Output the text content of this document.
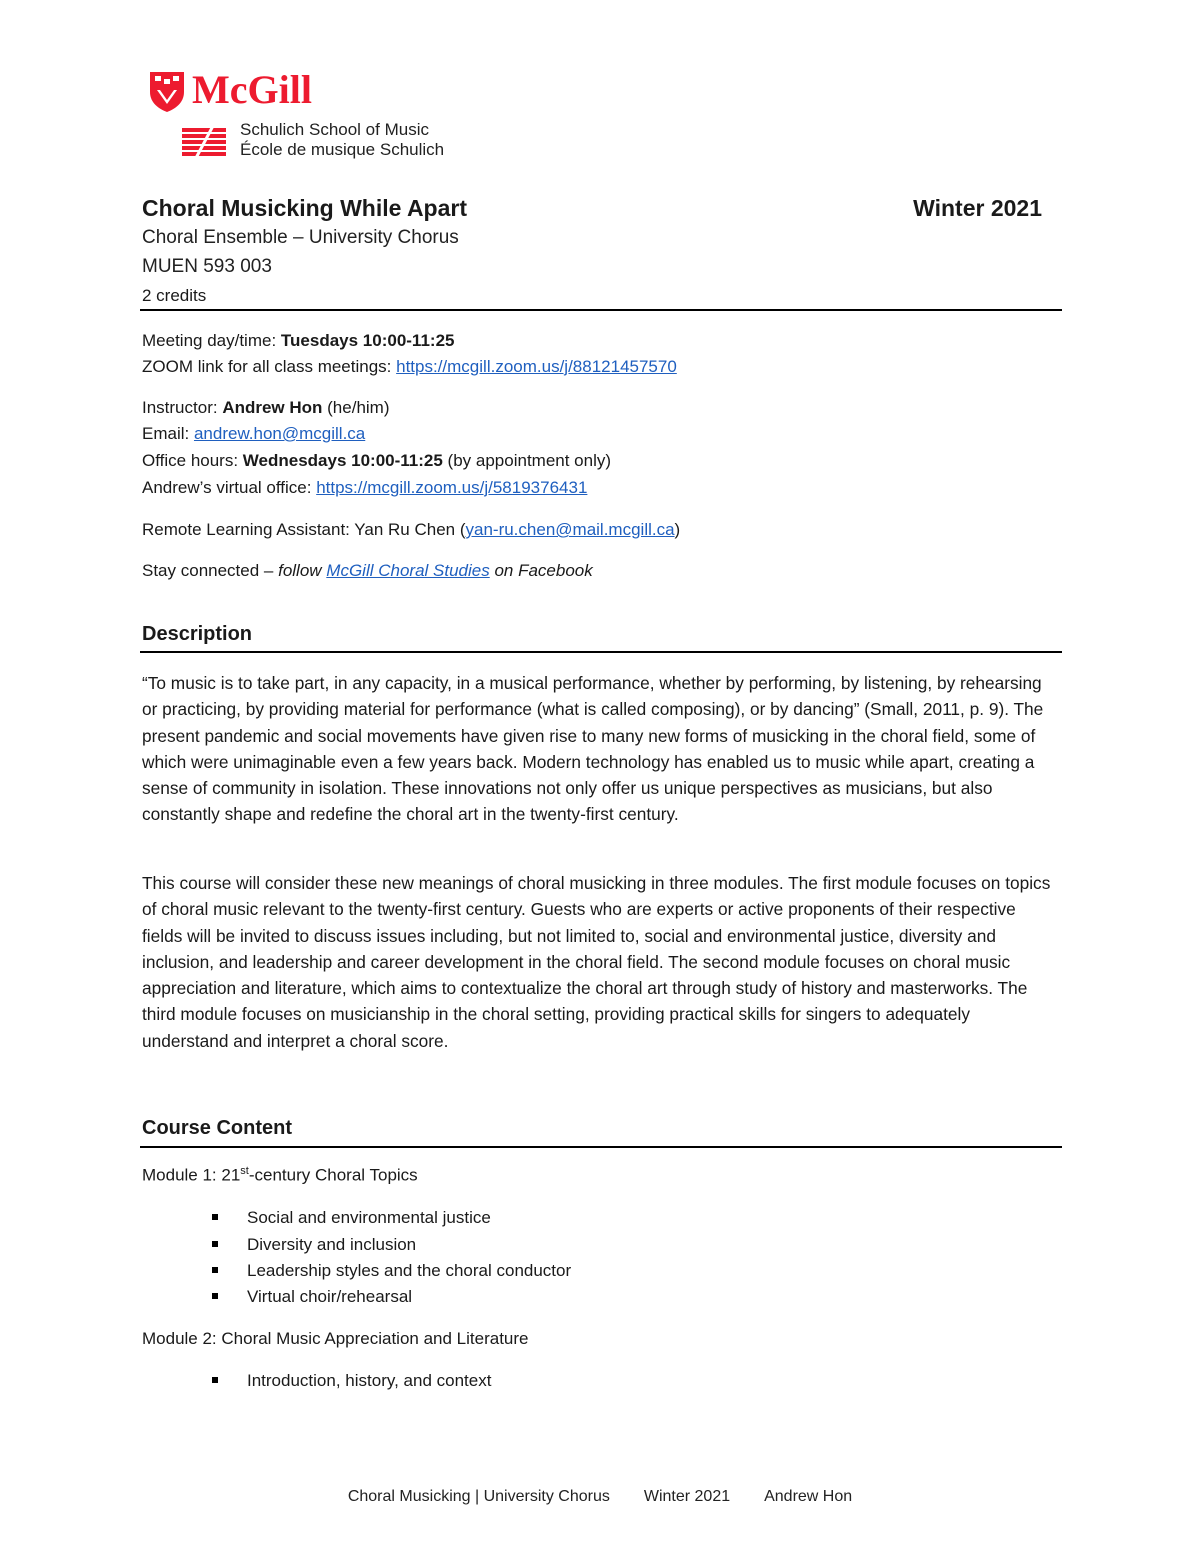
McGill
Schulich School of Music
École de musique Schulich
Choral Musicking While Apart	Winter 2021
Choral Ensemble – University Chorus
MUEN 593 003
2 credits
Meeting day/time: Tuesdays 10:00-11:25
ZOOM link for all class meetings: https://mcgill.zoom.us/j/88121457570
Instructor: Andrew Hon (he/him)
Email: andrew.hon@mcgill.ca
Office hours: Wednesdays 10:00-11:25 (by appointment only)
Andrew’s virtual office: https://mcgill.zoom.us/j/5819376431
Remote Learning Assistant: Yan Ru Chen (yan-ru.chen@mail.mcgill.ca)
Stay connected – follow McGill Choral Studies on Facebook
Description

“To music is to take part, in any capacity, in a musical performance, whether by performing, by listening, by rehearsing or practicing, by providing material for performance (what is called composing), or by dancing” (Small, 2011, p. 9). The present pandemic and social movements have given rise to many new forms of musicking in the choral field, some of which were unimaginable even a few years back. Modern technology has enabled us to music while apart, creating a sense of community in isolation. These innovations not only offer us unique perspectives as musicians, but also constantly shape and redefine the choral art in the twenty-first century.

This course will consider these new meanings of choral musicking in three modules. The first module focuses on topics of choral music relevant to the twenty-first century. Guests who are experts or active proponents of their respective fields will be invited to discuss issues including, but not limited to, social and environmental justice, diversity and inclusion, and leadership and career development in the choral field. The second module focuses on choral music appreciation and literature, which aims to contextualize the choral art through study of history and masterworks. The third module focuses on musicianship in the choral setting, providing practical skills for singers to adequately understand and interpret a choral score.

Course Content
Module 1: 21st-century Choral Topics
Social and environmental justice
Diversity and inclusion
Leadership styles and the choral conductor
Virtual choir/rehearsal
Module 2: Choral Music Appreciation and Literature
Introduction, history, and context
Choral Musicking | University Chorus Winter 2021 Andrew Hon
